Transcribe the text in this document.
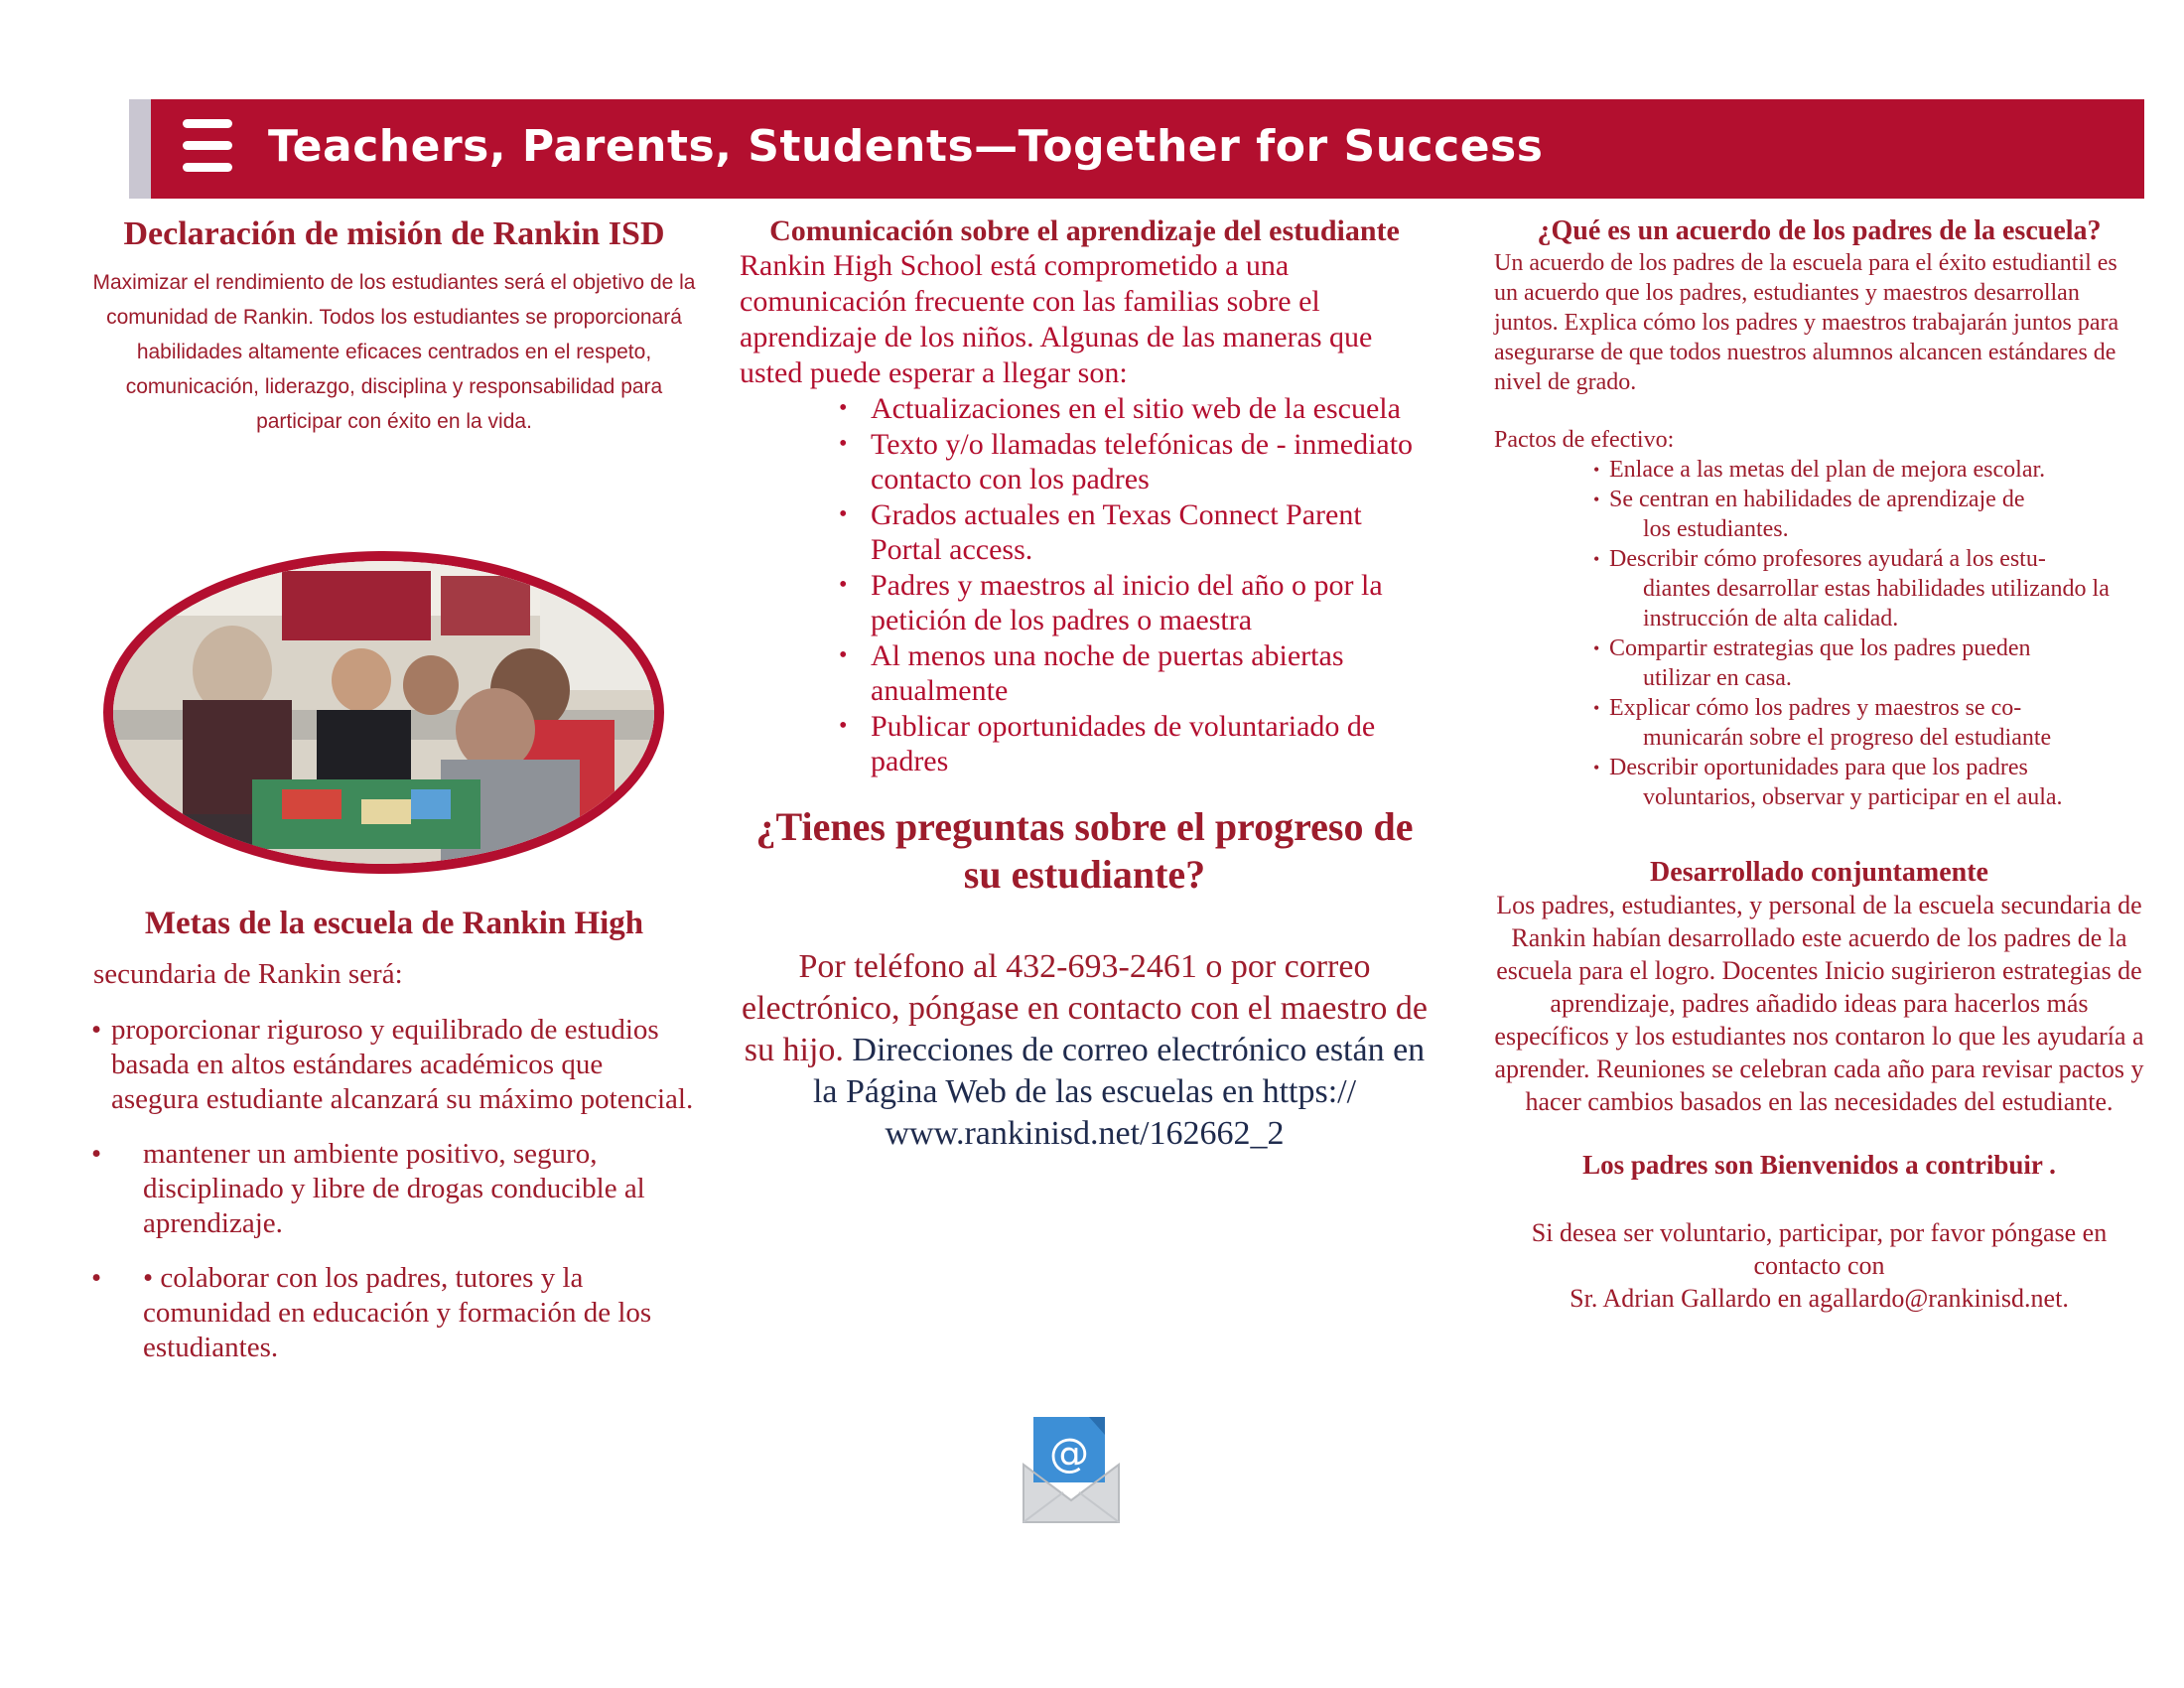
Teachers, Parents, Students—Together for Success
Declaración de misión de Rankin ISD

Maximizar el rendimiento de los estudiantes será el objetivo de la comunidad de Rankin. Todos los estudiantes se proporcionará habilidades altamente eficaces centrados en el respeto, comunicación, liderazgo, disciplina y responsabilidad para participar con éxito en la vida.

Metas de la escuela de Rankin High

secundaria de Rankin será:

• proporcionar riguroso y equilibrado de estudios basada en altos estándares académicos que asegura estudiante alcanzará su máximo potencial.
• mantener un ambiente positivo, seguro, disciplinado y libre de drogas conducible al aprendizaje.
• • colaborar con los padres, tutores y la comunidad en educación y formación de los estudiantes.
Comunicación sobre el aprendizaje del estudiante

Rankin High School está comprometido a una comunicación frecuente con las familias sobre el aprendizaje de los niños. Algunas de las maneras que usted puede esperar a llegar son:

• Actualizaciones en el sitio web de la escuela
• Texto y/o llamadas telefónicas de - inmediato contacto con los padres
• Grados actuales en Texas Connect Parent Portal access.
• Padres y maestros al inicio del año o por la petición de los padres o maestra
• Al menos una noche de puertas abiertas anualmente
• Publicar oportunidades de voluntariado de padres
¿Tienes preguntas sobre el progreso de su estudiante?

Por teléfono al 432-693-2461 o por correo electrónico, póngase en contacto con el maestro de su hijo. Direcciones de correo electrónico están en la Página Web de las escuelas en https:// www.rankinisd.net/162662_2

@
¿Qué es un acuerdo de los padres de la escuela?

Un acuerdo de los padres de la escuela para el éxito estudiantil es un acuerdo que los padres, estudiantes y maestros desarrollan juntos. Explica cómo los padres y maestros trabajarán juntos para asegurarse de que todos nuestros alumnos alcancen estándares de nivel de grado.

Pactos de efectivo:

• Enlace a las metas del plan de mejora escolar.
• Se centran en habilidades de aprendizaje de
los estudiantes.
• Describir cómo profesores ayudará a los estu-
diantes desarrollar estas habilidades utilizando la instrucción de alta calidad.
• Compartir estrategias que los padres pueden
utilizar en casa.
• Explicar cómo los padres y maestros se co-
municarán sobre el progreso del estudiante
• Describir oportunidades para que los padres
voluntarios, observar y participar en el aula.
Desarrollado conjuntamente

Los padres, estudiantes, y personal de la escuela secundaria de Rankin habían desarrollado este acuerdo de los padres de la escuela para el logro. Docentes Inicio sugirieron estrategias de aprendizaje, padres añadido ideas para hacerlos más específicos y los estudiantes nos contaron lo que les ayudaría a aprender. Reuniones se celebran cada año para revisar pactos y hacer cambios basados en las necesidades del estudiante.

Los padres son Bienvenidos a contribuir .

Si desea ser voluntario, participar, por favor póngase en contacto con
Sr. Adrian Gallardo en agallardo@rankinisd.net.
